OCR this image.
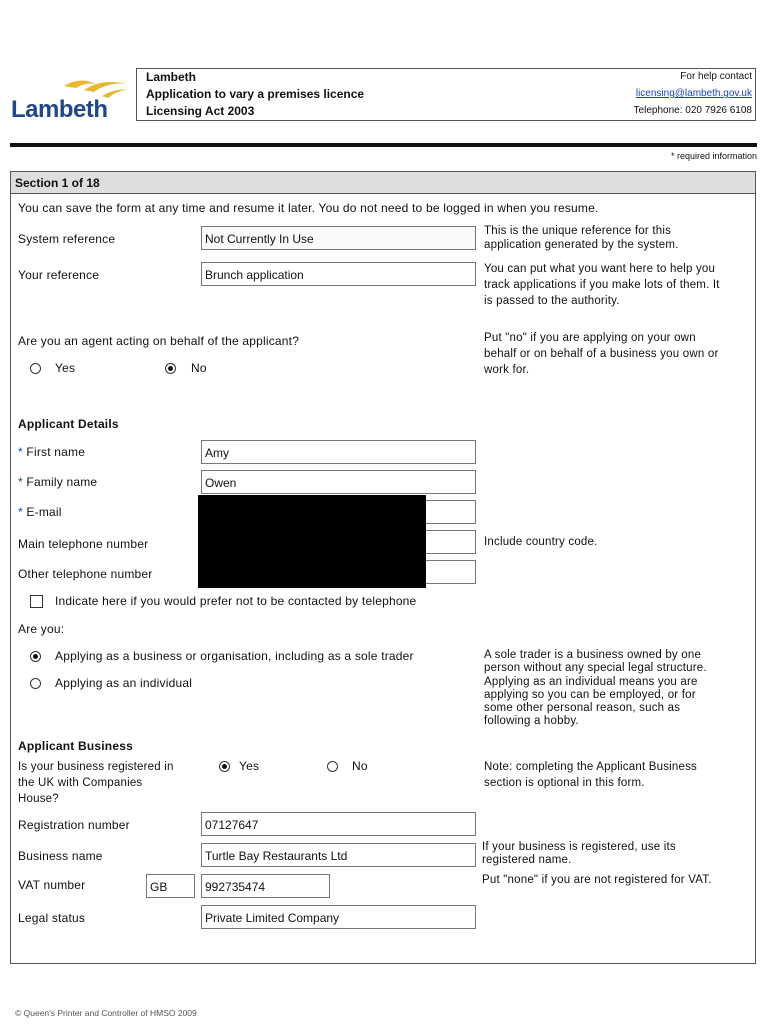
Lambeth
Lambeth
Application to vary a premises licence
Licensing Act 2003
For help contact
licensing@lambeth.gov.uk
Telephone: 020 7926 6108
* required information
Section 1 of 18
You can save the form at any time and resume it later. You do not need to be logged in when you resume.
System reference	Not Currently In Use
This is the unique reference for this
application generated by the system.
Your reference	Brunch application	You can put what you want here to help you
track applications if you make lots of them. It
is passed to the authority.
Are you an agent acting on behalf of the applicant?
Yes	No
Put "no" if you are applying on your own
behalf or on behalf of a business you own or
work for.
Applicant Details
* First name	Amy
* Family name	Owen
* E-mail
Main telephone number	Include country code.
Other telephone number
Indicate here if you would prefer not to be contacted by telephone
Are you:
Applying as a business or organisation, including as a sole trader
Applying as an individual
A sole trader is a business owned by one
person without any special legal structure.
Applying as an individual means you are
applying so you can be employed, or for
some other personal reason, such as
following a hobby.
Applicant Business
Is your business registered in
the UK with Companies
House?
Yes	No	Note: completing the Applicant Business
section is optional in this form.
Registration number	07127647
If your business is registered, use its
registered name.
Business name	Turtle Bay Restaurants Ltd
VAT number	GB	992735474	Put "none" if you are not registered for VAT.
Legal status	Private Limited Company
© Queen's Printer and Controller of HMSO 2009
